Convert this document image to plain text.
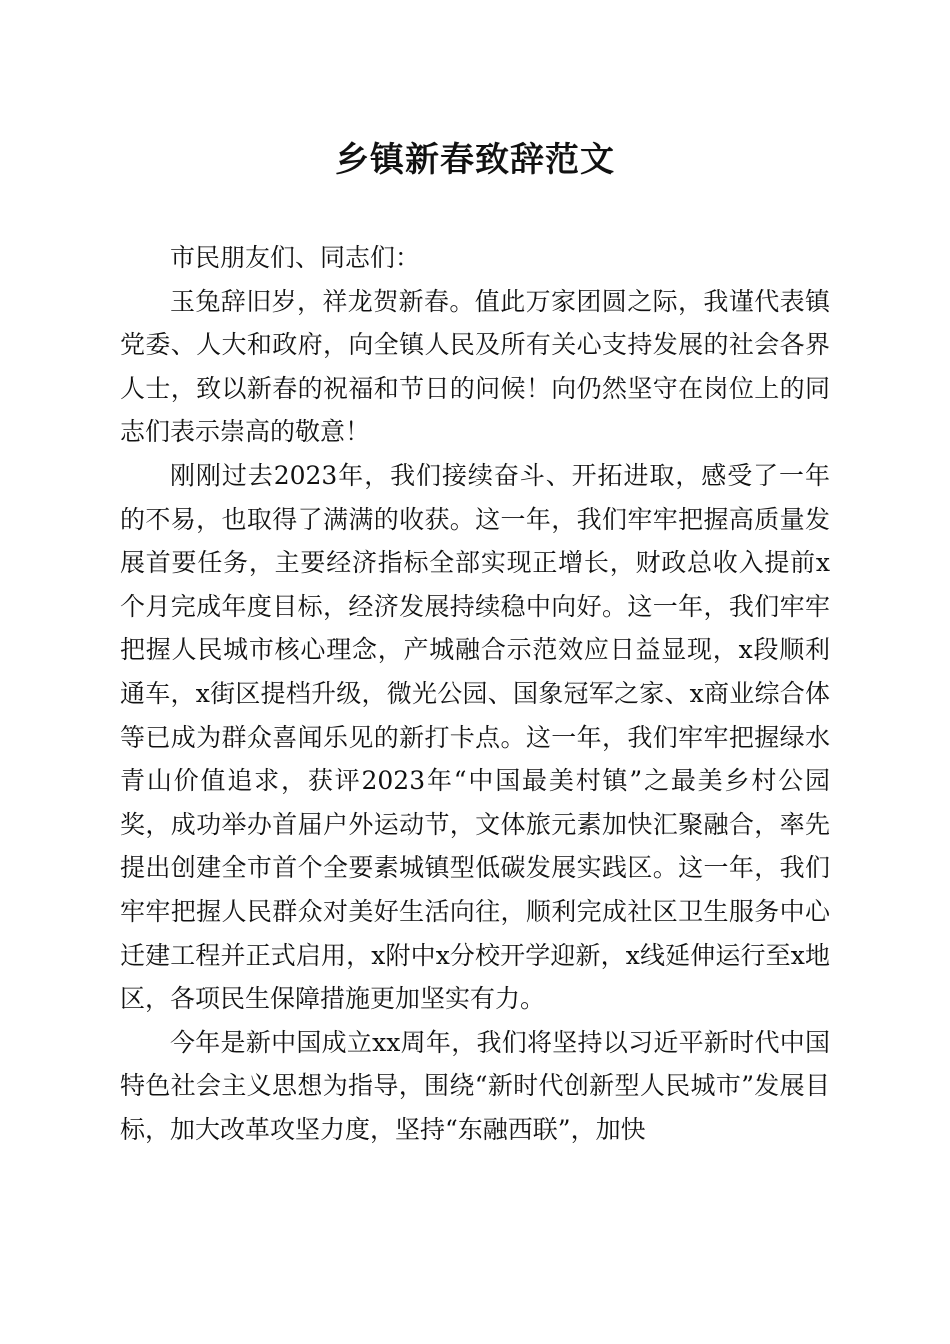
乡镇新春致辞范文

市民朋友们、同志们：

玉兔辞旧岁，祥龙贺新春。值此万家团圆之际，我谨代表镇党委、人大和政府，向全镇人民及所有关心支持发展的社会各界人士，致以新春的祝福和节日的问候！向仍然坚守在岗位上的同志们表示崇高的敬意！

刚刚过去2023年，我们接续奋斗、开拓进取，感受了一年的不易，也取得了满满的收获。这一年，我们牢牢把握高质量发展首要任务，主要经济指标全部实现正增长，财政总收入提前x个月完成年度目标，经济发展持续稳中向好。这一年，我们牢牢把握人民城市核心理念，产城融合示范效应日益显现，x段顺利通车，x街区提档升级，微光公园、国象冠军之家、x商业综合体等已成为群众喜闻乐见的新打卡点。这一年，我们牢牢把握绿水青山价值追求，获评2023年“中国最美村镇”之最美乡村公园奖，成功举办首届户外运动节，文体旅元素加快汇聚融合，率先提出创建全市首个全要素城镇型低碳发展实践区。这一年，我们牢牢把握人民群众对美好生活向往，顺利完成社区卫生服务中心迁建工程并正式启用，x附中x分校开学迎新，x线延伸运行至x地区，各项民生保障措施更加坚实有力。

今年是新中国成立xx周年，我们将坚持以习近平新时代中国特色社会主义思想为指导，围绕“新时代创新型人民城市”发展目标，加大改革攻坚力度，坚持“东融西联”，加快
